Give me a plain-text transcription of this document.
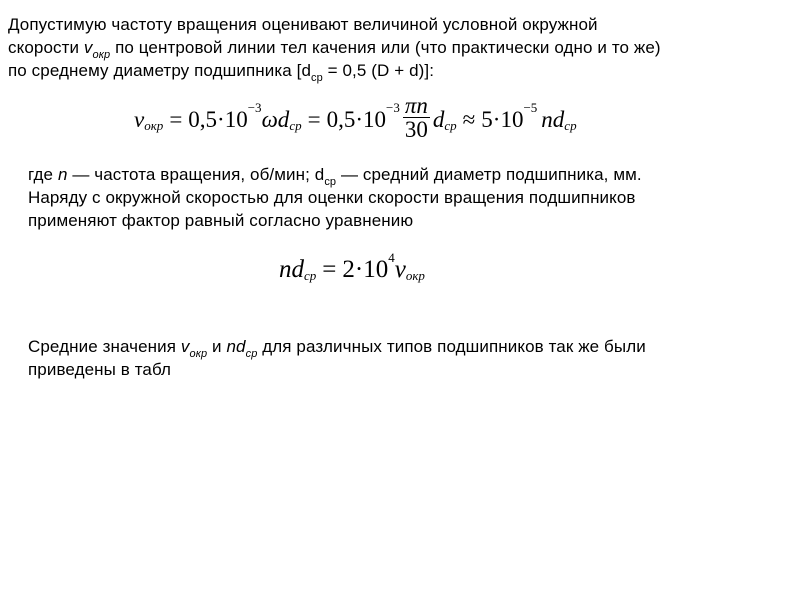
Допустимую частоту вращения оценивают величиной условной окружной
скорости $v_{окр}$ по центровой линии тел качения или (что практически одно и то же)
по среднему диаметру подшипника [$d_{ср} = 0,5$ (D + d)]:
v окр = 0,5·10 −3 ωd ср = $0,5\cdot 10 -3 \frac{\pi n}{30}$ d ср ≈ 5·10 −5 nd ср
где n — частота вращения, об/мин; $d_{ср}$ — средний диаметр подшипника, мм.
Наряду с окружной скоростью для оценки скорости вращения подшипников
применяют фактор равный согласно уравнению
nd ср = 2·10 4 v окр
Средние значения $v_{окр}$ и $nd_{ср}$ для различных типов подшипников так же были
приведены в табл
